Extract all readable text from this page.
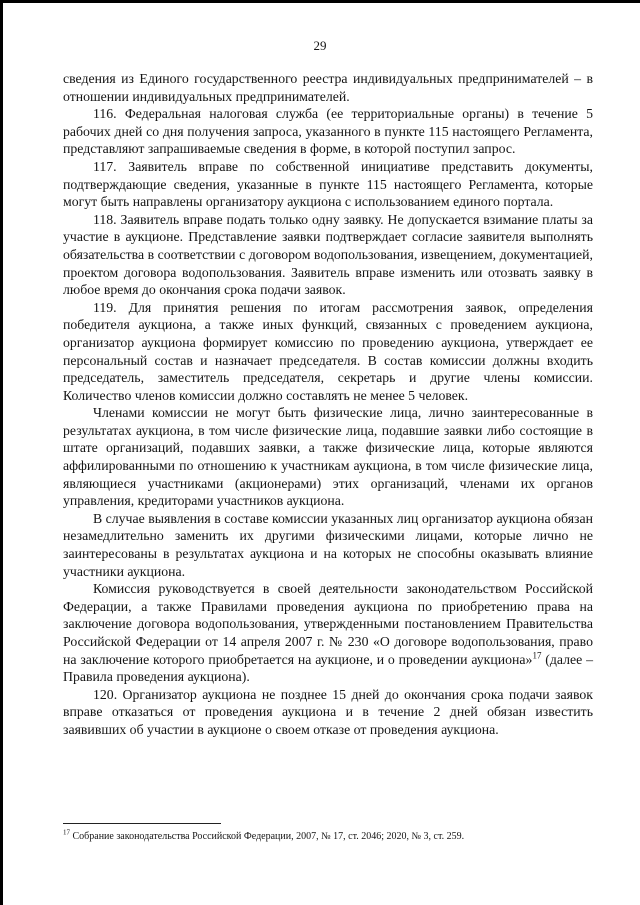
29

сведения из Единого государственного реестра индивидуальных предпринимателей – в отношении индивидуальных предпринимателей.

116. Федеральная налоговая служба (ее территориальные органы) в течение 5 рабочих дней со дня получения запроса, указанного в пункте 115 настоящего Регламента, представляют запрашиваемые сведения в форме, в которой поступил запрос.

117. Заявитель вправе по собственной инициативе представить документы, подтверждающие сведения, указанные в пункте 115 настоящего Регламента, которые могут быть направлены организатору аукциона с использованием единого портала.

118. Заявитель вправе подать только одну заявку. Не допускается взимание платы за участие в аукционе. Представление заявки подтверждает согласие заявителя выполнять обязательства в соответствии с договором водопользования, извещением, документацией, проектом договора водопользования. Заявитель вправе изменить или отозвать заявку в любое время до окончания срока подачи заявок.

119. Для принятия решения по итогам рассмотрения заявок, определения победителя аукциона, а также иных функций, связанных с проведением аукциона, организатор аукциона формирует комиссию по проведению аукциона, утверждает ее персональный состав и назначает председателя. В состав комиссии должны входить председатель, заместитель председателя, секретарь и другие члены комиссии. Количество членов комиссии должно составлять не менее 5 человек.

Членами комиссии не могут быть физические лица, лично заинтересованные в результатах аукциона, в том числе физические лица, подавшие заявки либо состоящие в штате организаций, подавших заявки, а также физические лица, которые являются аффилированными по отношению к участникам аукциона, в том числе физические лица, являющиеся участниками (акционерами) этих организаций, членами их органов управления, кредиторами участников аукциона.

В случае выявления в составе комиссии указанных лиц организатор аукциона обязан незамедлительно заменить их другими физическими лицами, которые лично не заинтересованы в результатах аукциона и на которых не способны оказывать влияние участники аукциона.

Комиссия руководствуется в своей деятельности законодательством Российской Федерации, а также Правилами проведения аукциона по приобретению права на заключение договора водопользования, утвержденными постановлением Правительства Российской Федерации от 14 апреля 2007 г. № 230 «О договоре водопользования, право на заключение которого приобретается на аукционе, и о проведении аукциона»$^{17}$ (далее – Правила проведения аукциона).

120. Организатор аукциона не позднее 15 дней до окончания срока подачи заявок вправе отказаться от проведения аукциона и в течение 2 дней обязан известить заявивших об участии в аукционе о своем отказе от проведения аукциона.

$^{17}$ Собрание законодательства Российской Федерации, 2007, № 17, ст. 2046; 2020, № 3, ст. 259.
